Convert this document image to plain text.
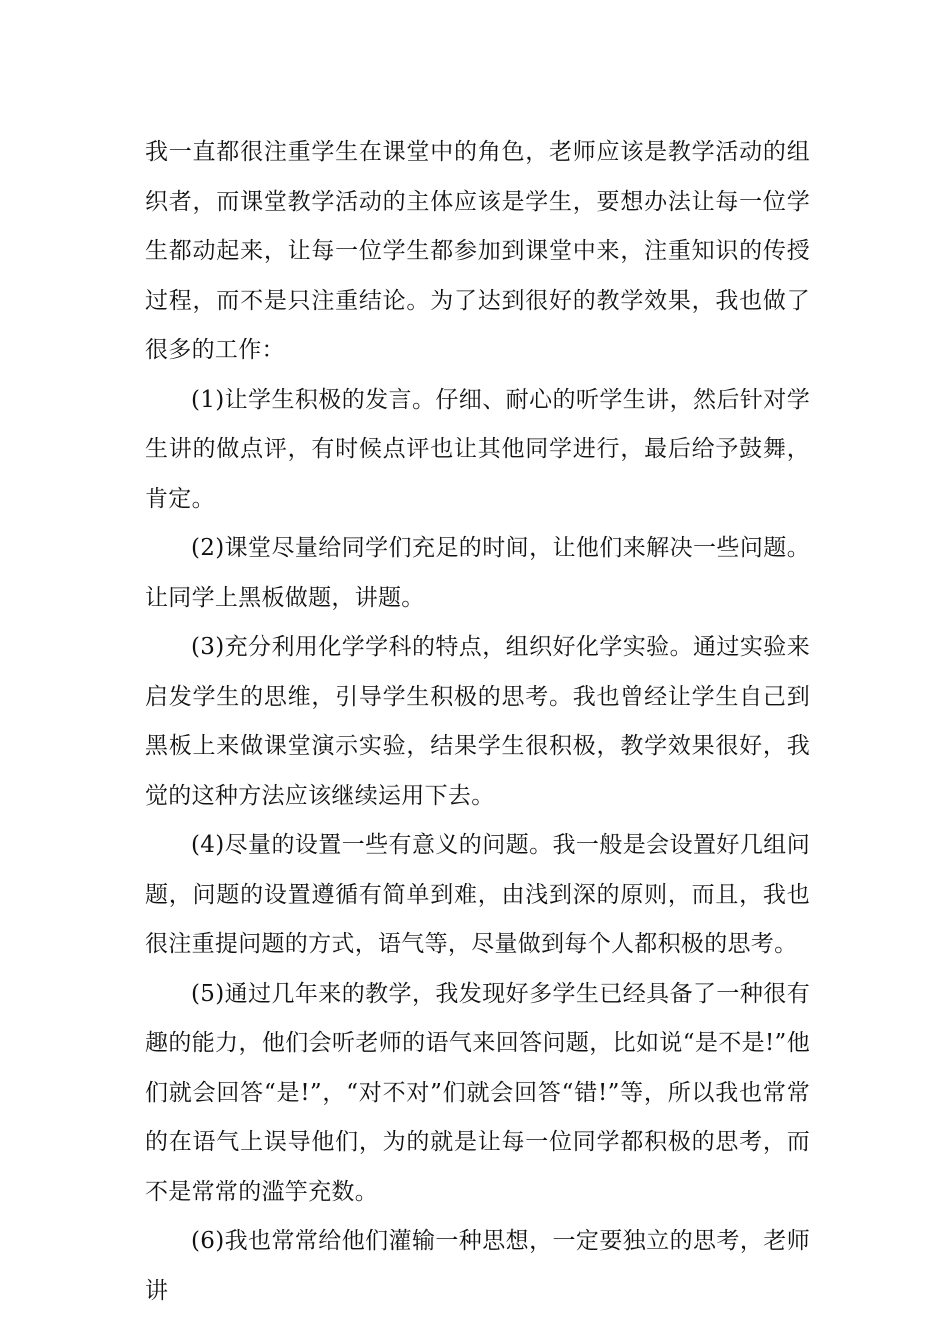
我一直都很注重学生在课堂中的角色，老师应该是教学活动的组织者，而课堂教学活动的主体应该是学生，要想办法让每一位学生都动起来，让每一位学生都参加到课堂中来，注重知识的传授过程，而不是只注重结论。为了达到很好的教学效果，我也做了很多的工作：

(1)让学生积极的发言。仔细、耐心的听学生讲，然后针对学生讲的做点评，有时候点评也让其他同学进行，最后给予鼓舞，肯定。

(2)课堂尽量给同学们充足的时间，让他们来解决一些问题。让同学上黑板做题，讲题。

(3)充分利用化学学科的特点，组织好化学实验。通过实验来启发学生的思维，引导学生积极的思考。我也曾经让学生自己到黑板上来做课堂演示实验，结果学生很积极，教学效果很好，我觉的这种方法应该继续运用下去。

(4)尽量的设置一些有意义的问题。我一般是会设置好几组问题，问题的设置遵循有简单到难，由浅到深的原则，而且，我也很注重提问题的方式，语气等，尽量做到每个人都积极的思考。

(5)通过几年来的教学，我发现好多学生已经具备了一种很有趣的能力，他们会听老师的语气来回答问题，比如说“是不是!”他们就会回答“是!”，“对不对”们就会回答“错!”等，所以我也常常的在语气上误导他们，为的就是让每一位同学都积极的思考，而不是常常的滥竽充数。

(6)我也常常给他们灌输一种思想，一定要独立的思考，老师讲
